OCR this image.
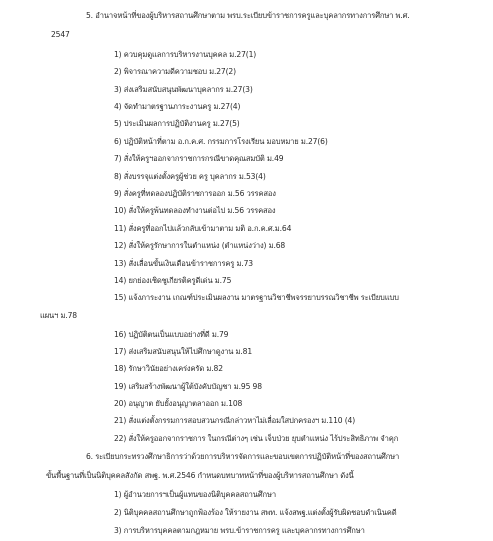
5. อำนาจหน้าที่ของผู้บริหารสถานศึกษาตาม พรบ.ระเบียบข้าราชการครูและบุคลากรทางการศึกษา พ.ศ.
2547
1) ควบคุมดูแลการบริหารงานบุคคล ม.27(1)
2) พิจารณาความดีความชอบ ม.27(2)
3) ส่งเสริมสนับสนุนพัฒนาบุคลากร ม.27(3)
4) จัดทำมาตรฐานภาระงานครู ม.27(4)
5) ประเมินผลการปฏิบัติงานครู ม.27(5)
6) ปฏิบัติหน้าที่ตาม อ.ก.ค.ศ. กรรมการโรงเรียน มอบหมาย ม.27(6)
7) สั่งให้ครูฯออกจากราชการกรณีขาดคุณสมบัติ ม.49
8) สั่งบรรจุแต่งตั้งครูผู้ช่วย ครู บุคลากร ม.53(4)
9) สั่งครูที่ทดลองปฏิบัติราชการออก ม.56 วรรคสอง
10) สั่งให้ครูพ้นทดลองทำงานต่อไป ม.56 วรรคสอง
11) สั่งครูที่ออกไปแล้วกลับเข้ามาตาม มติ อ.ก.ค.ศ.ม.64
12) สั่งให้ครูรักษาการในตำแหน่ง (ตำแหน่งว่าง) ม.68
13) สั่งเลื่อนขั้นเงินเดือนข้าราชการครู ม.73
14) ยกย่องเชิดชูเกียรติครูดีเด่น ม.75
15) แจ้งภาระงาน เกณฑ์ประเมินผลงาน มาตรฐานวิชาชีพจรรยาบรรณวิชาชีพ ระเบียบแบบ
แผนฯ ม.78
16) ปฏิบัติตนเป็นแบบอย่างที่ดี ม.79
17) ส่งเสริมสนับสนุนให้ไปศึกษาดูงาน ม.81
18) รักษาวินัยอย่างเคร่งครัด ม.82
19) เสริมสร้างพัฒนาผู้ใต้บังคับบัญชา ม.95 98
20) อนุญาต ยับยั้งอนุญาตลาออก ม.108
21) สั่งแต่งตั้งกรรมการสอบสวนกรณีกล่าวหาไม่เลื่อมใสปกครองฯ ม.110 (4)
22) สั่งให้ครูออกจากราชการ ในกรณีต่างๆ เช่น เจ็บป่วย ยุบตำแหน่ง ไร้ประสิทธิภาพ จำคุก
6. ระเบียบกระทรวงศึกษาธิการว่าด้วยการบริหารจัดการและขอบเขตการปฏิบัติหน้าที่ของสถานศึกษา
ขั้นพื้นฐานที่เป็นนิติบุคคลสังกัด สพฐ. พ.ศ.2546 กำหนดบทบาทหน้าที่ของผู้บริหารสถานศึกษา ดังนี้
1) ผู้อำนวยการฯเป็นผู้แทนของนิติบุคคลสถานศึกษา
2) นิติบุคคลสถานศึกษาถูกฟ้องร้อง ให้รายงาน สพท. แจ้งสพฐ.แต่งตั้งผู้รับผิดชอบดำเนินคดี
3) การบริหารบุคคลตามกฎหมาย พรบ.ข้าราชการครู และบุคลากรทางการศึกษา
